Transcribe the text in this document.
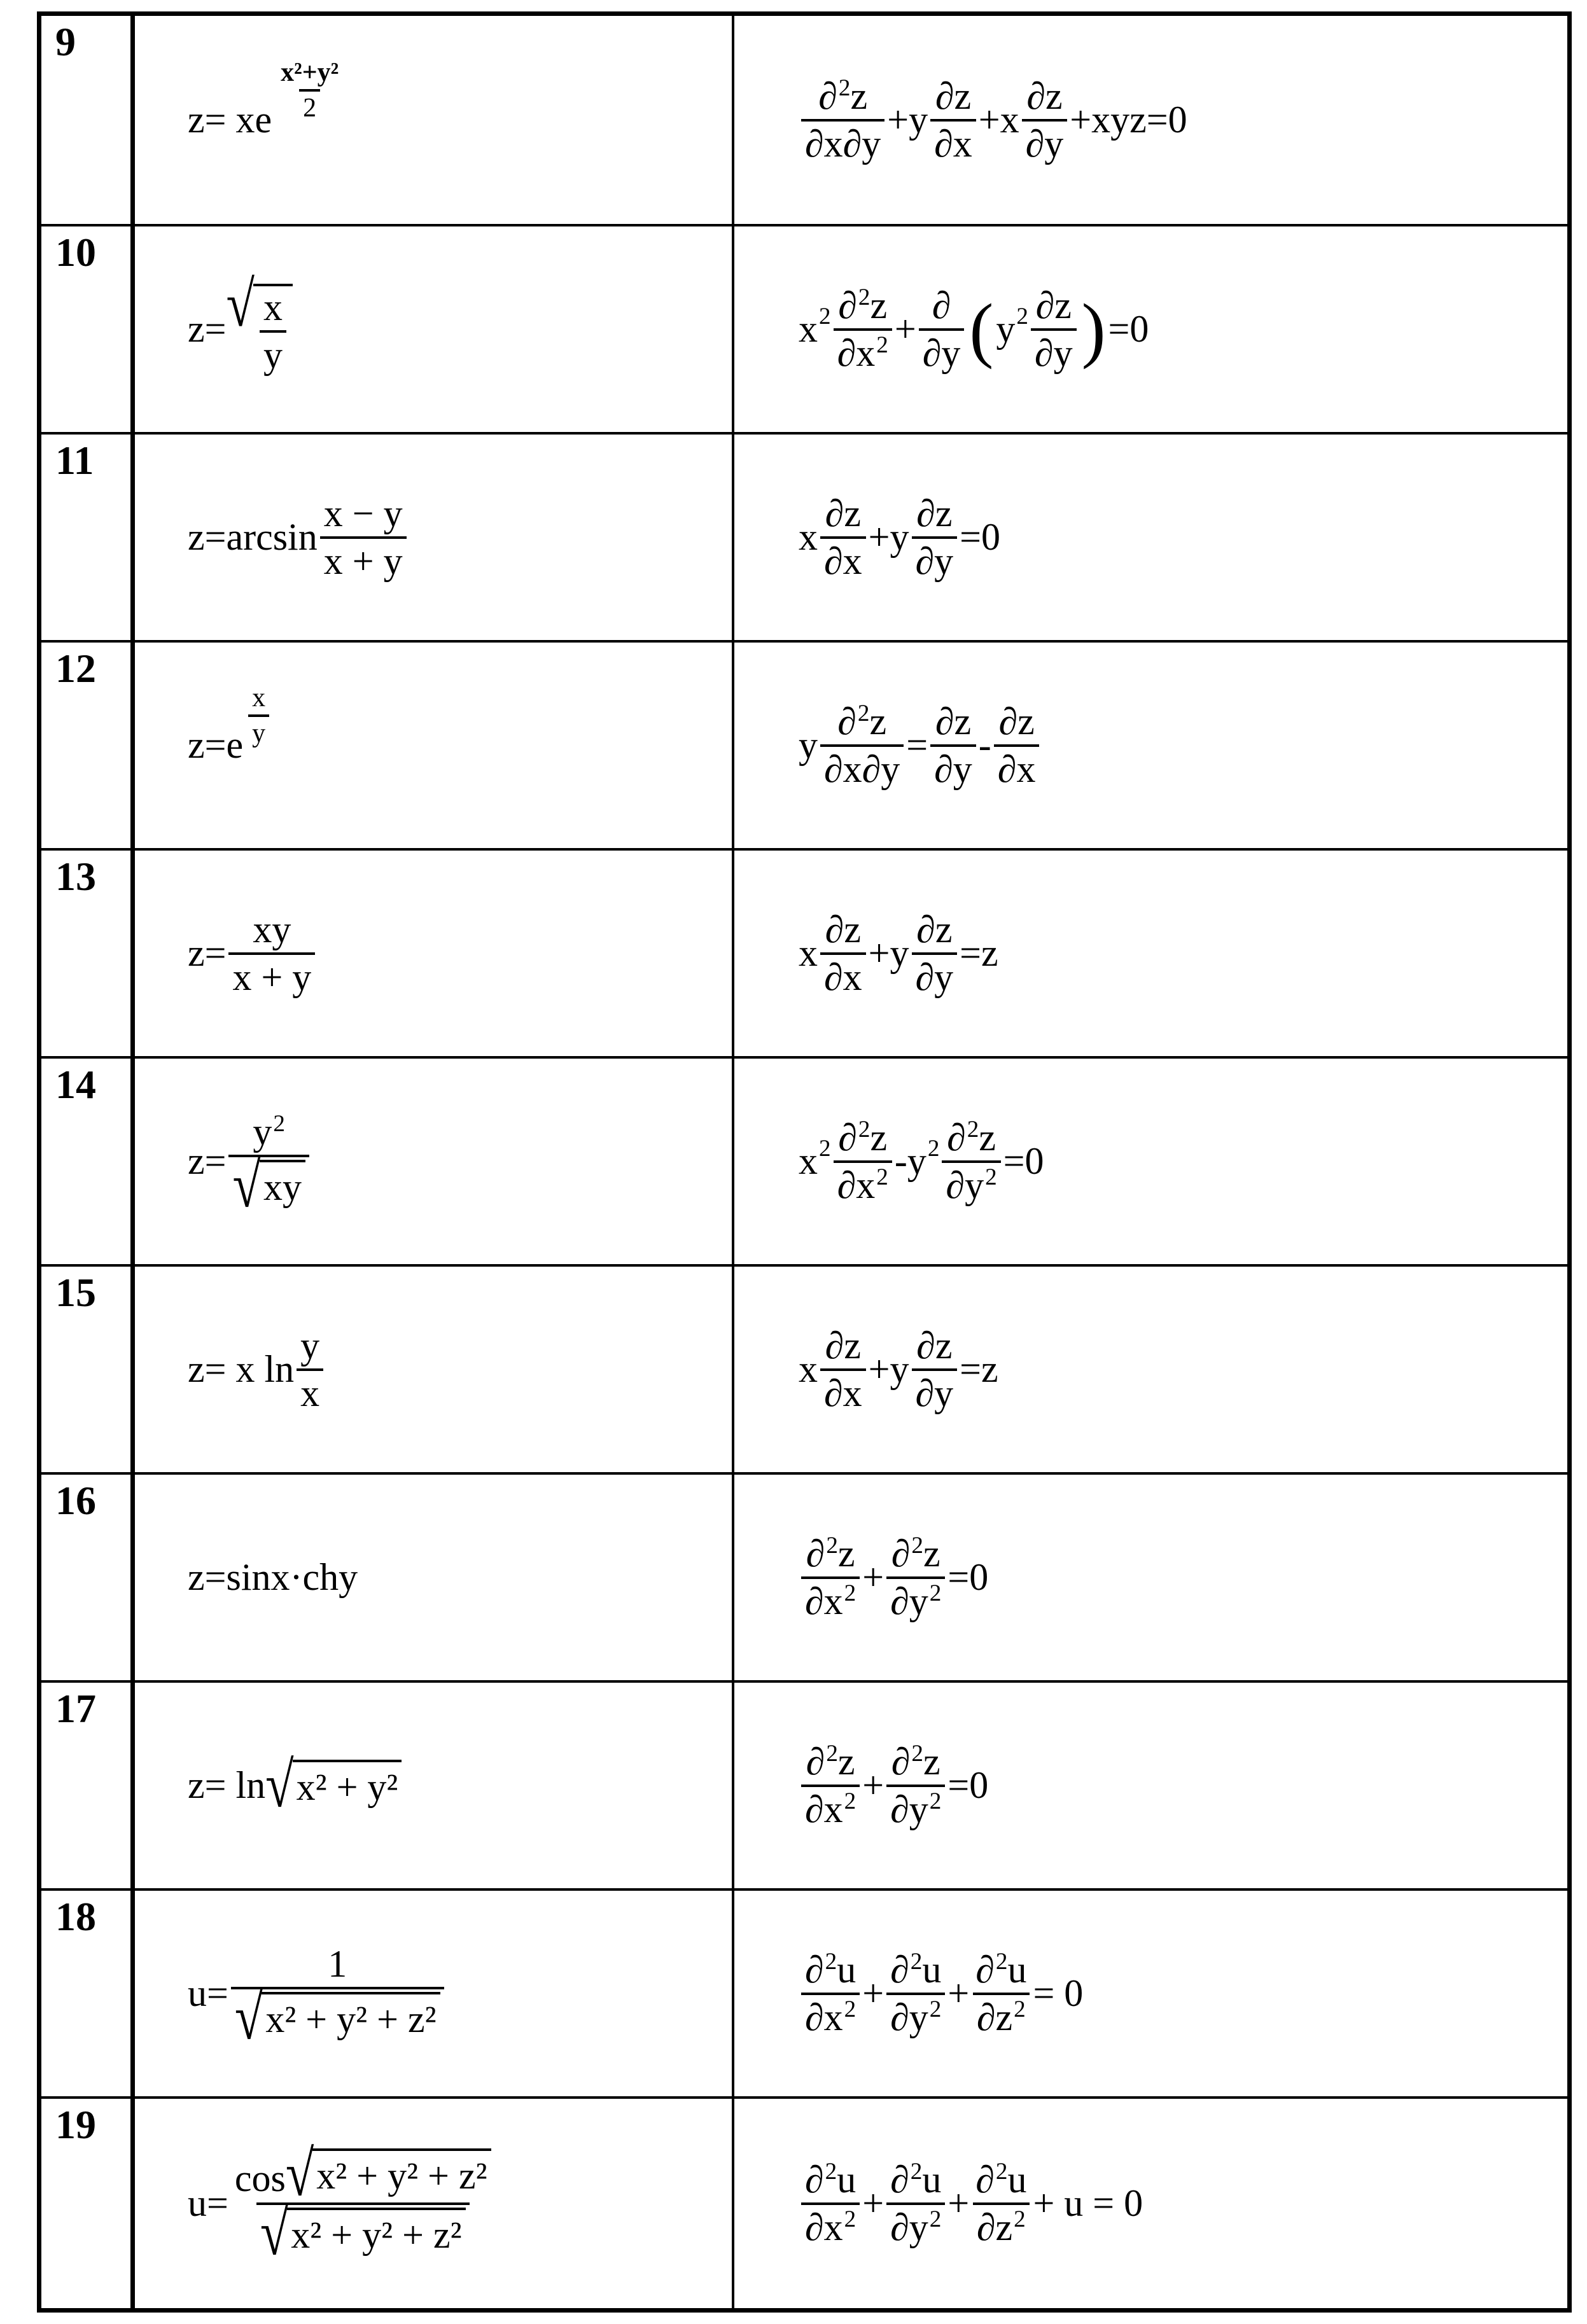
9
z=
xe $\frac{\text{x²+y²}}{2}$	$\frac{\partial^2z}{\partial x\partial y} + y \frac{\partial z}{\partial x} + x \frac{\partial z}{\partial y} +xyz=0$
10
z= √ $\frac{x}{y}$	x $2 \frac{\partial^2z}{\partial x^2} + \frac{\partial}{\partial y}$ ( y $2 \frac{\partial z}{\partial y}$ ) = 0
11
$z= \arcsin \frac{x - y}{x + y}$	x $\frac{\partial z}{\partial x} + y \frac{\partial z}{\partial y} = 0$
12
z= e $\frac{x}{y}$	y $\frac{\partial^2z}{\partial x\partial y} = \frac{\partial z}{\partial y} - \frac{\partial z}{\partial x}$
13
$z= \frac{xy}{x + y}$	x $\frac{\partial z}{\partial x} + y \frac{\partial z}{\partial y} = z$
14
$z= \frac{y^2}{√ xy}$	x $2 \frac{\partial^2z}{\partial x^2}$ - y $2 \frac{\partial^2z}{\partial y^2} = 0$
15
z=
x $\ln \frac{y}{x}$	x $\frac{\partial z}{\partial x} + y \frac{\partial z}{\partial y} = z$
16
z=sinx·chy	$\frac{\partial^2z}{\partial x^2} + \frac{\partial^2z}{\partial y^2} = 0$
17
z=
ln √ x² + y²	$\frac{\partial^2z}{\partial x^2} + \frac{\partial^2z}{\partial y^2} = 0$
18
$u= \frac{1}{\text{√ x² + y² + z²}}$	$\frac{\partial^2u}{\partial x^2} + \frac{\partial^2u}{\partial y^2} + \frac{\partial^2u}{\partial z^2}$ =
0
19
$u= \frac{\text{cos √ x² + y² + z²}}{\text{√ x² + y² + z²}}$	$\frac{\partial^2u}{\partial x^2} + \frac{\partial^2u}{\partial y^2} + \frac{\partial^2u}{\partial z^2}$ +
u
=
0
